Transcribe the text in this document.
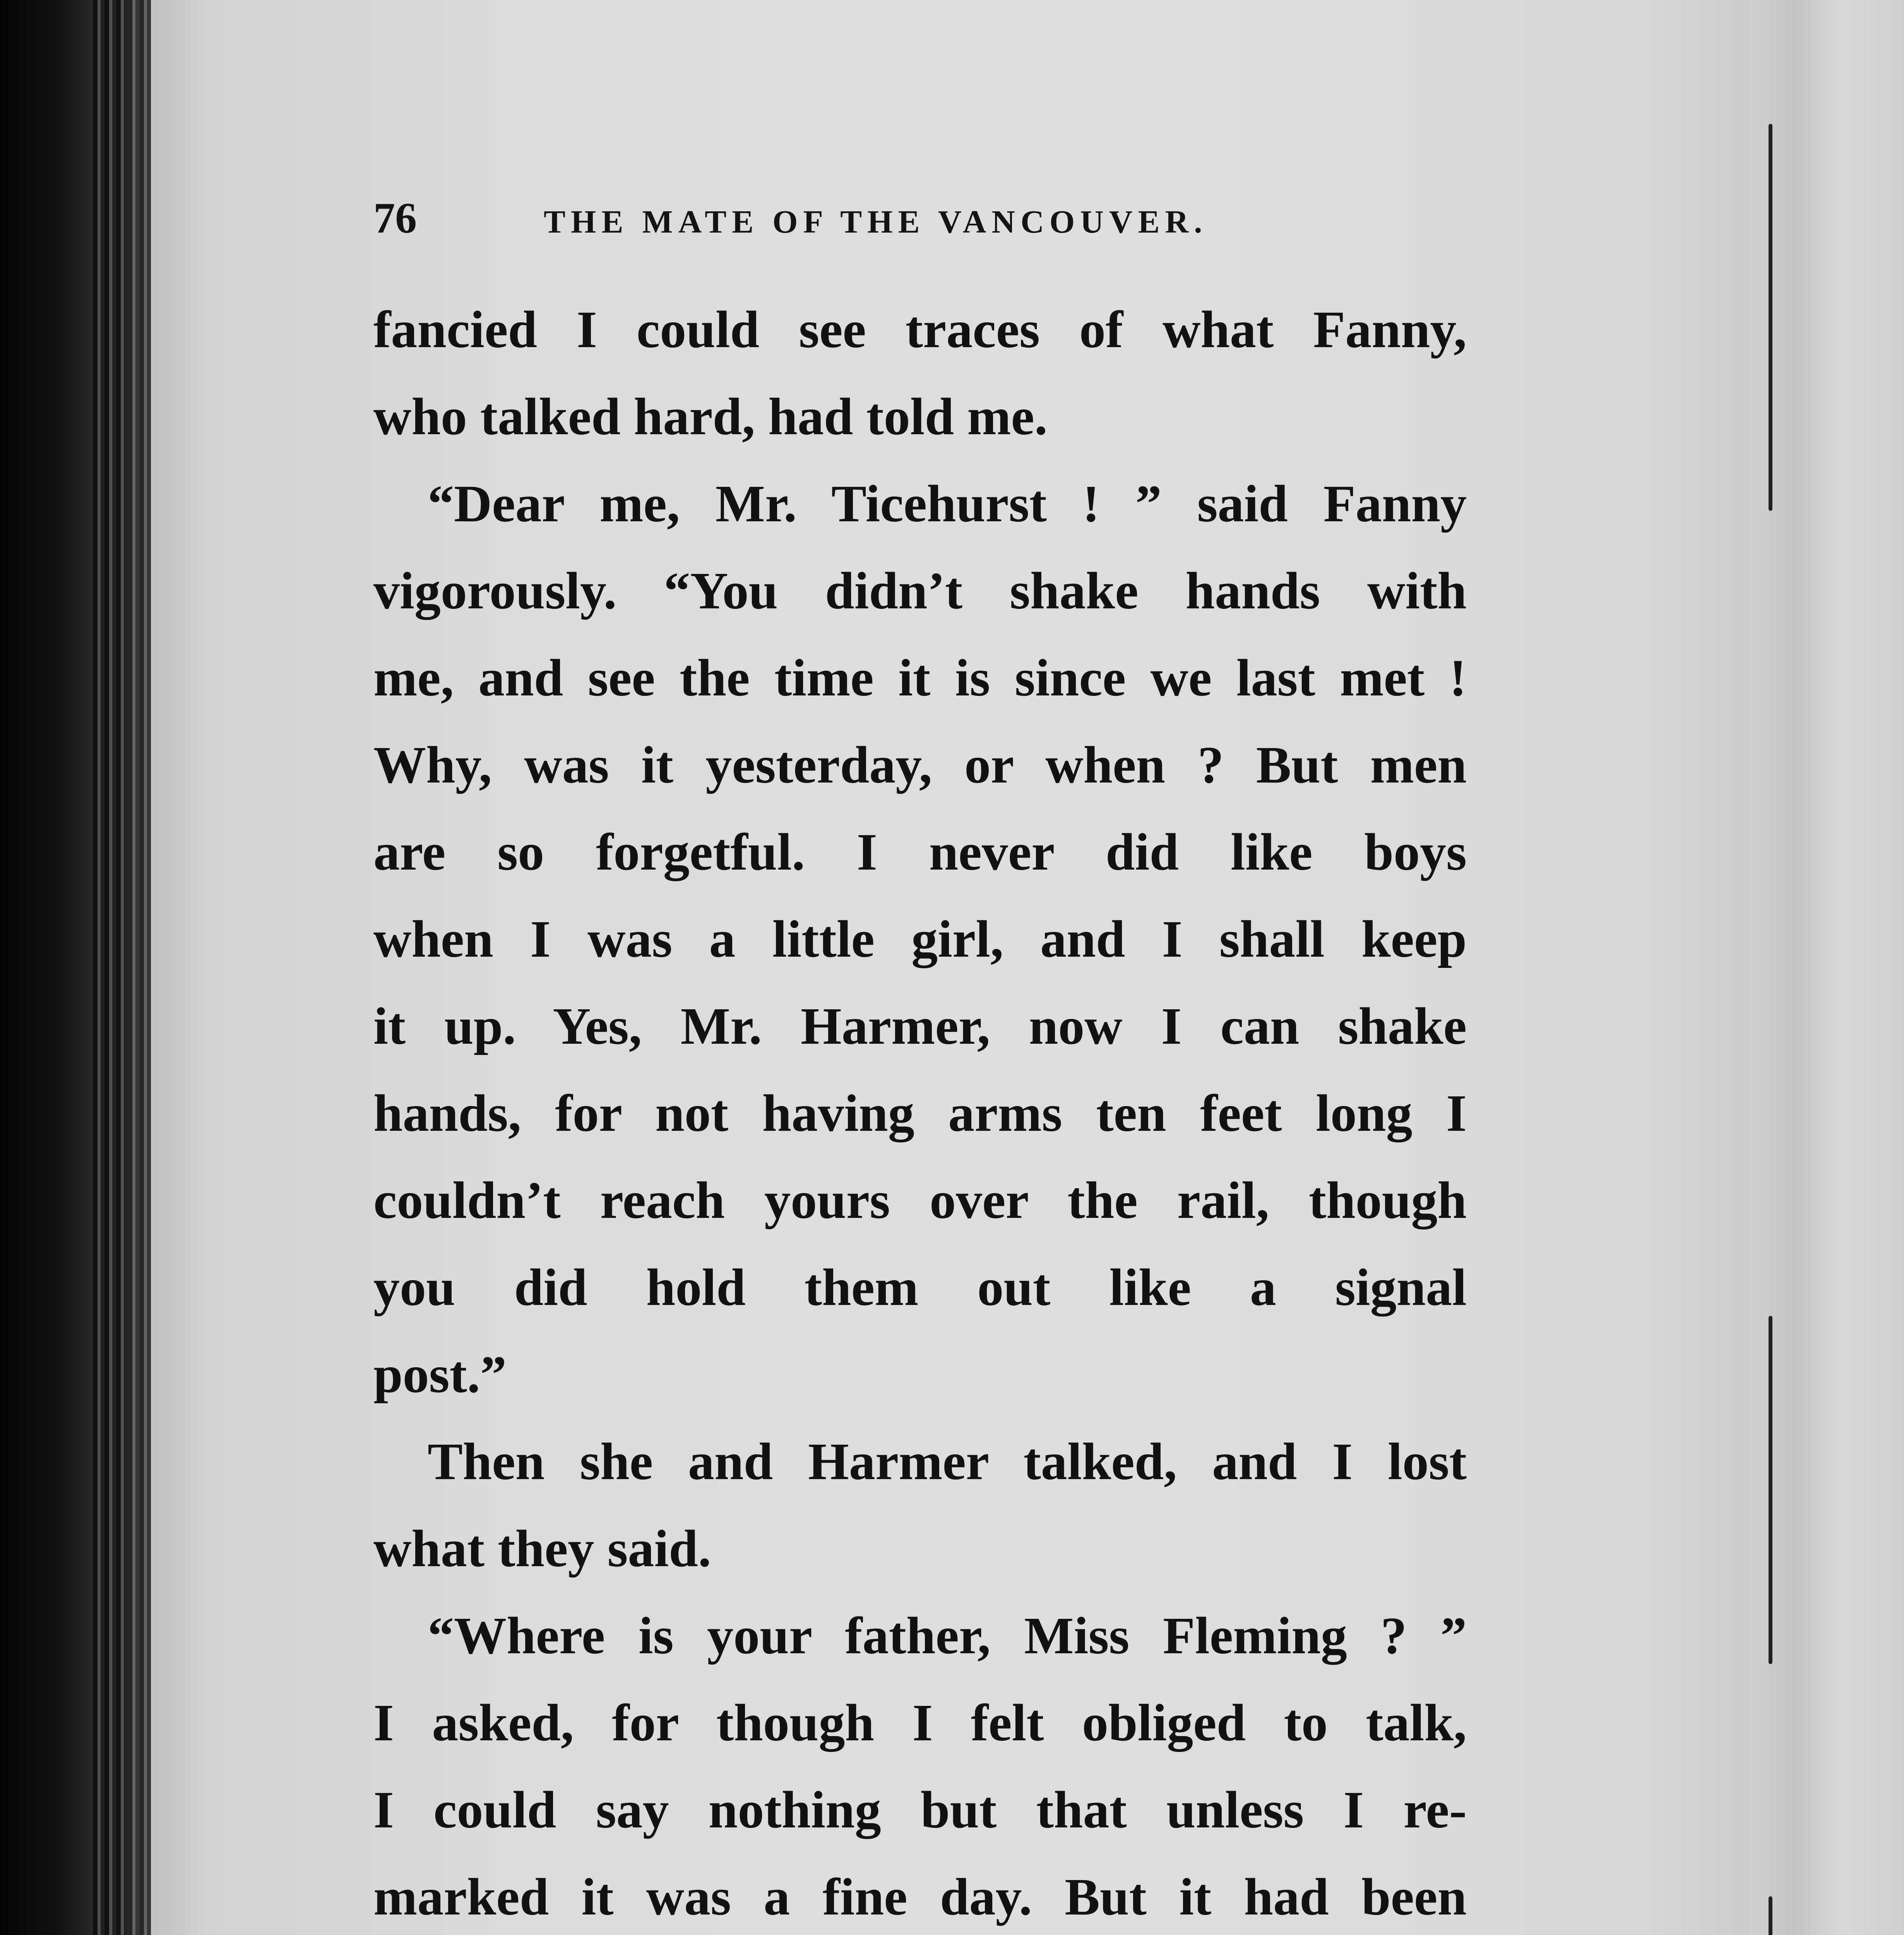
76	THE MATE OF THE VANCOUVER.
fancied I could see traces of what Fanny,
who talked hard, had told me.
“Dear me, Mr. Ticehurst ! ” said Fanny
vigorously. “You didn’t shake hands with
me, and see the time it is since we last met !
Why, was it yesterday, or when ? But men
are so forgetful. I never did like boys
when I was a little girl, and I shall keep
it up. Yes, Mr. Harmer, now I can shake
hands, for not having arms ten feet long I
couldn’t reach yours over the rail, though
you did hold them out like a signal
post.”
Then she and Harmer talked, and I lost
what they said.
“Where is your father, Miss Fleming ? ”
I asked, for though I felt obliged to talk,
I could say nothing but that unless I re-
marked it was a fine day. But it had been
